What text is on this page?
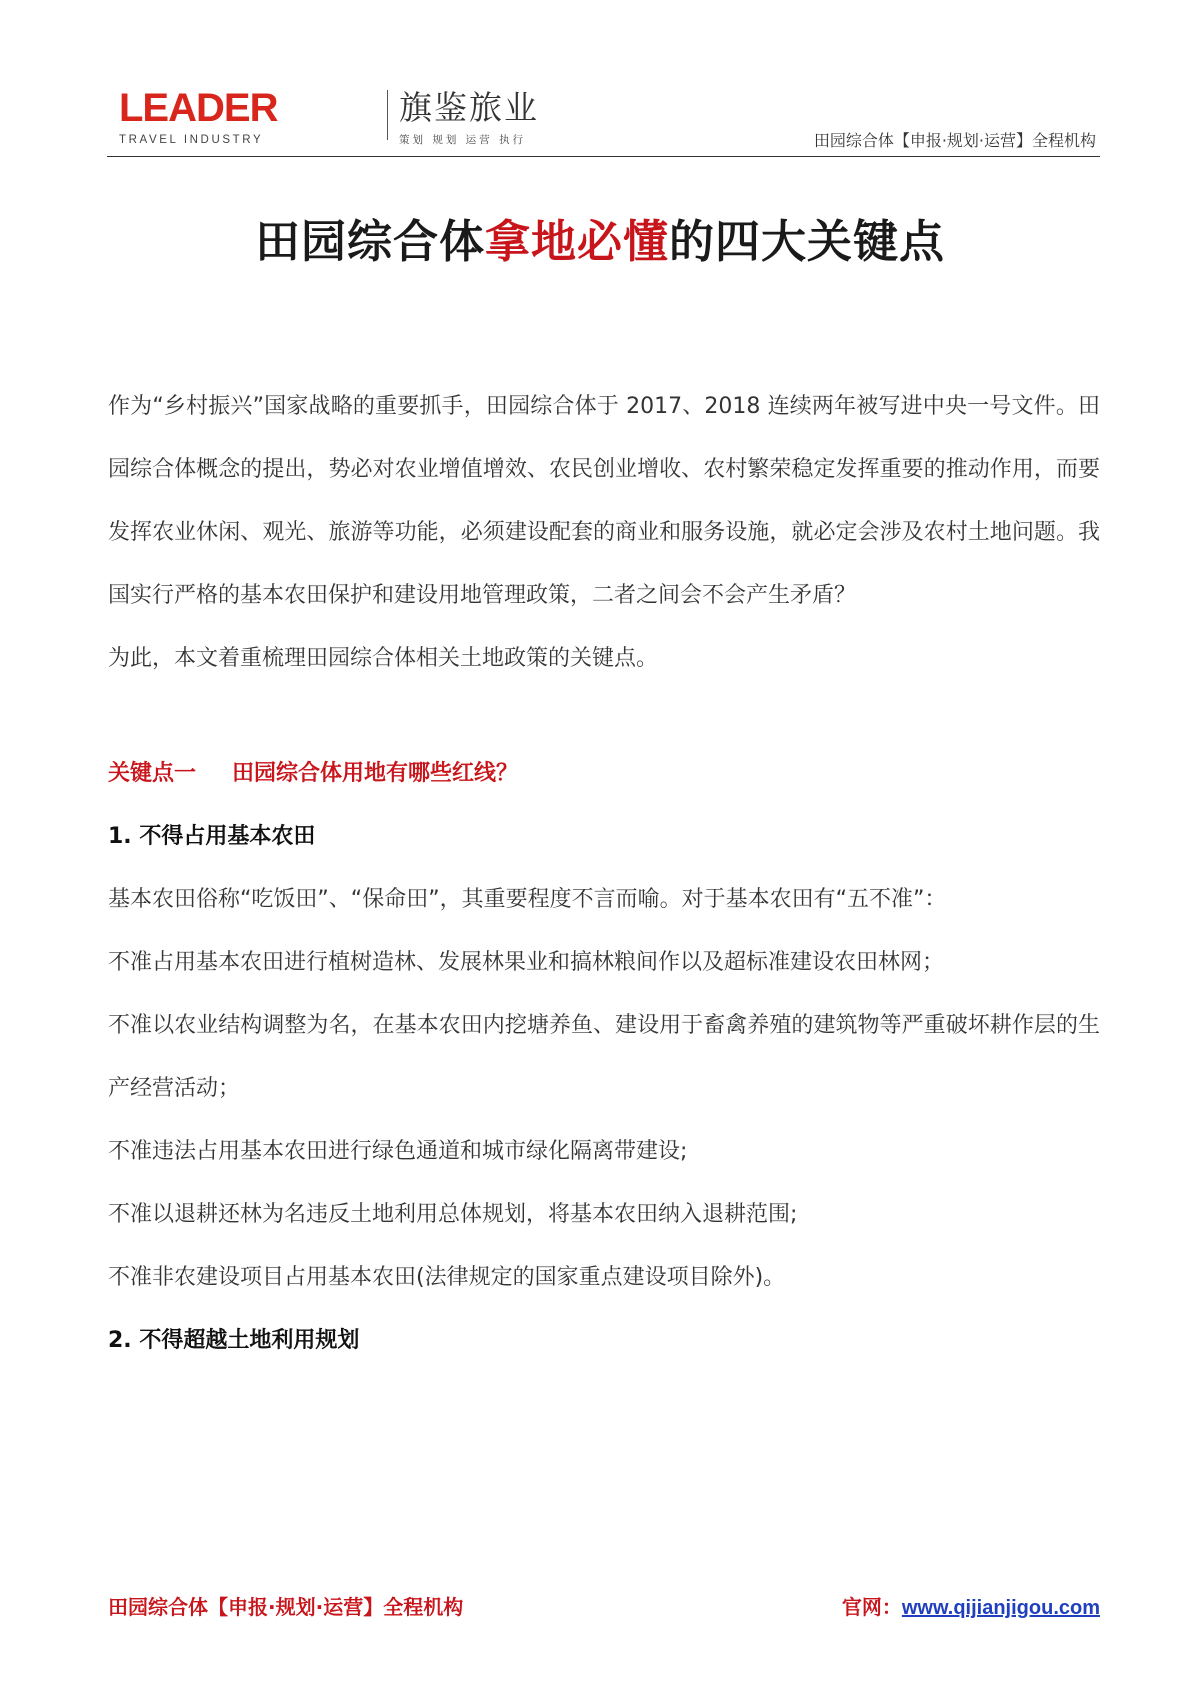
LEADER
TRAVEL INDUSTRY
旗鉴旅业
策划 规划 运营 执行	田园综合体【申报·规划·运营】全程机构
田园综合体拿地必懂的四大关键点
作为“乡村振兴”国家战略的重要抓手，田园综合体于 2017、2018 连续两年被写进中央一号文件。田园综合体概念的提出，势必对农业增值增效、农民创业增收、农村繁荣稳定发挥重要的推动作用，而要发挥农业休闲、观光、旅游等功能，必须建设配套的商业和服务设施，就必定会涉及农村土地问题。我国实行严格的基本农田保护和建设用地管理政策，二者之间会不会产生矛盾？
为此，本文着重梳理田园综合体相关土地政策的关键点。
关键点一 田园综合体用地有哪些红线？
1. 不得占用基本农田
基本农田俗称“吃饭田”、“保命田”，其重要程度不言而喻。对于基本农田有“五不准”：
不准占用基本农田进行植树造林、发展林果业和搞林粮间作以及超标准建设农田林网；
不准以农业结构调整为名，在基本农田内挖塘养鱼、建设用于畜禽养殖的建筑物等严重破坏耕作层的生产经营活动；
不准违法占用基本农田进行绿色通道和城市绿化隔离带建设;
不准以退耕还林为名违反土地利用总体规划，将基本农田纳入退耕范围;
不准非农建设项目占用基本农田(法律规定的国家重点建设项目除外)。
2. 不得超越土地利用规划
田园综合体【申报·规划·运营】全程机构	官网：www.qijianjigou.com
